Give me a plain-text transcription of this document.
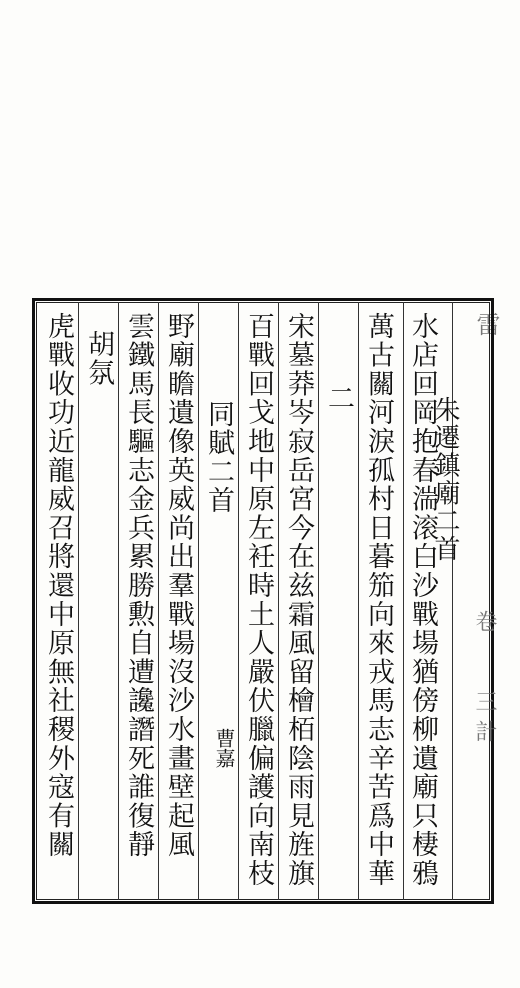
雷
卷
三
計
朱遷鎮廟二首
水店回岡抱春湍滚白沙戰場猶傍柳遺廟只棲鴉
萬古關河淚孤村日暮笳向來戎馬志辛苦爲中華
二
宋墓莽岑寂岳宮今在兹霜風留檜栢陰雨見旌旗
百戰回戈地中原左衽時土人嚴伏臘偏護向南枝
同賦二首
曹嘉
野廟瞻遺像英威尚出羣戰場沒沙水畫壁起風
雲鐵馬長驅志金兵累勝勲自遭讒譖死誰復靜
胡氛
虎戰收功近龍威召將還中原無社稷外寇有關
